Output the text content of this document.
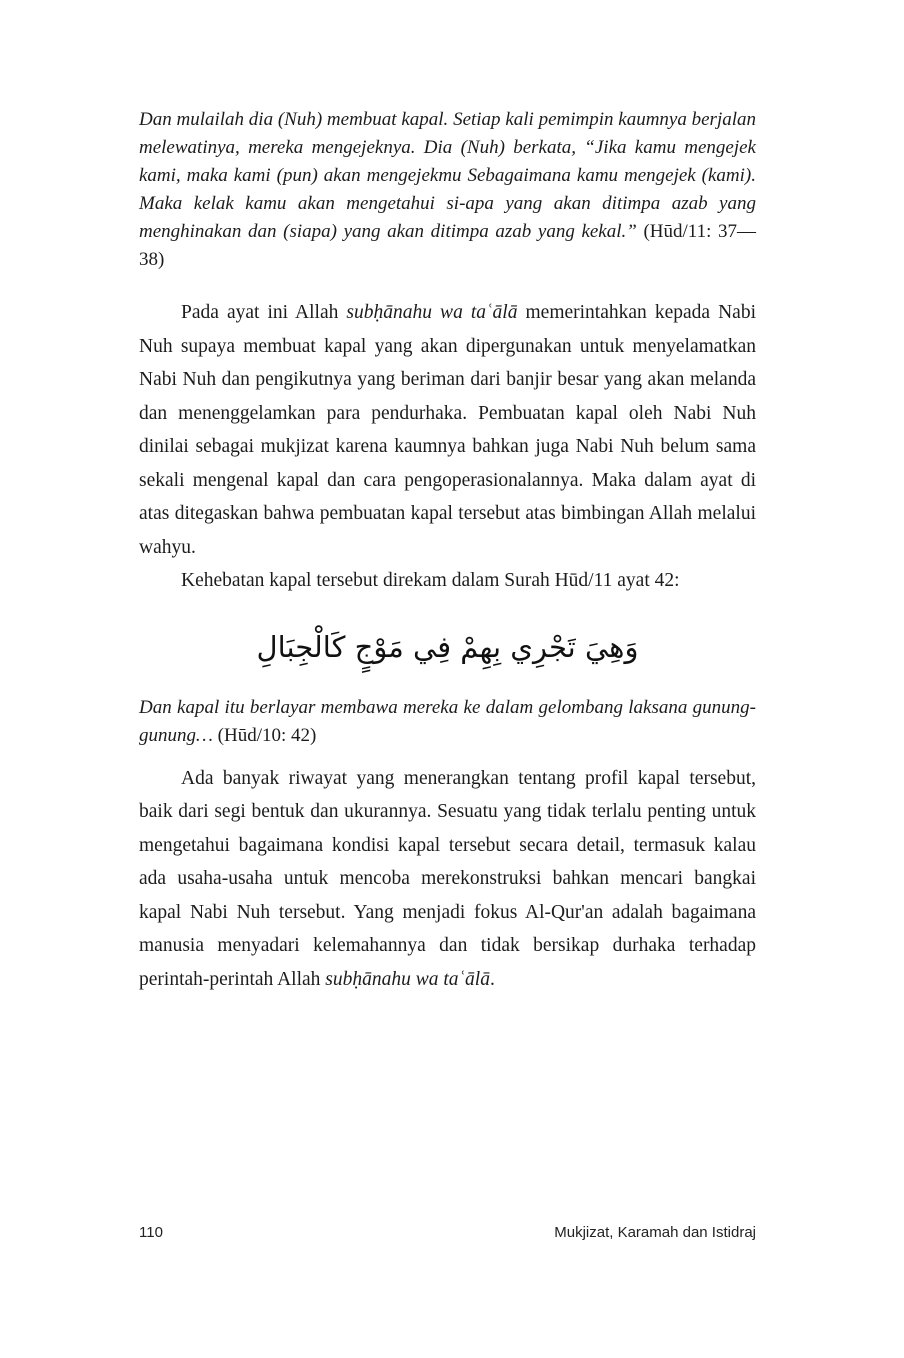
Dan mulailah dia (Nuh) membuat kapal. Setiap kali pemimpin kaumnya berjalan melewatinya, mereka mengejeknya. Dia (Nuh) berkata, “Jika kamu mengejek kami, maka kami (pun) akan mengejekmu Sebagaimana kamu mengejek (kami). Maka kelak kamu akan mengetahui si-apa yang akan ditimpa azab yang menghinakan dan (siapa) yang akan ditimpa azab yang kekal.” (Hūd/11: 37—38)

Pada ayat ini Allah subḥānahu wa taʿālā memerintahkan kepada Nabi Nuh supaya membuat kapal yang akan dipergunakan untuk menyelamatkan Nabi Nuh dan pengikutnya yang beriman dari banjir besar yang akan melanda dan menenggelamkan para pendurhaka. Pembuatan kapal oleh Nabi Nuh dinilai sebagai mukjizat karena kaumnya bahkan juga Nabi Nuh belum sama sekali mengenal kapal dan cara pengoperasionalannya. Maka dalam ayat di atas ditegaskan bahwa pembuatan kapal tersebut atas bimbingan Allah melalui wahyu.

Kehebatan kapal tersebut direkam dalam Surah Hūd/11 ayat 42:

وَهِيَ تَجْرِي بِهِمْ فِي مَوْجٍ كَالْجِبَالِ

Dan kapal itu berlayar membawa mereka ke dalam gelombang laksana gunung-gunung… (Hūd/10: 42)

Ada banyak riwayat yang menerangkan tentang profil kapal tersebut, baik dari segi bentuk dan ukurannya. Sesuatu yang tidak terlalu penting untuk mengetahui bagaimana kondisi kapal tersebut secara detail, termasuk kalau ada usaha-usaha untuk mencoba merekonstruksi bahkan mencari bangkai kapal Nabi Nuh tersebut. Yang menjadi fokus Al-Qur'an adalah bagaimana manusia menyadari kelemahannya dan tidak bersikap durhaka terhadap perintah-perintah Allah subḥānahu wa taʿālā.

110	Mukjizat, Karamah dan Istidraj
